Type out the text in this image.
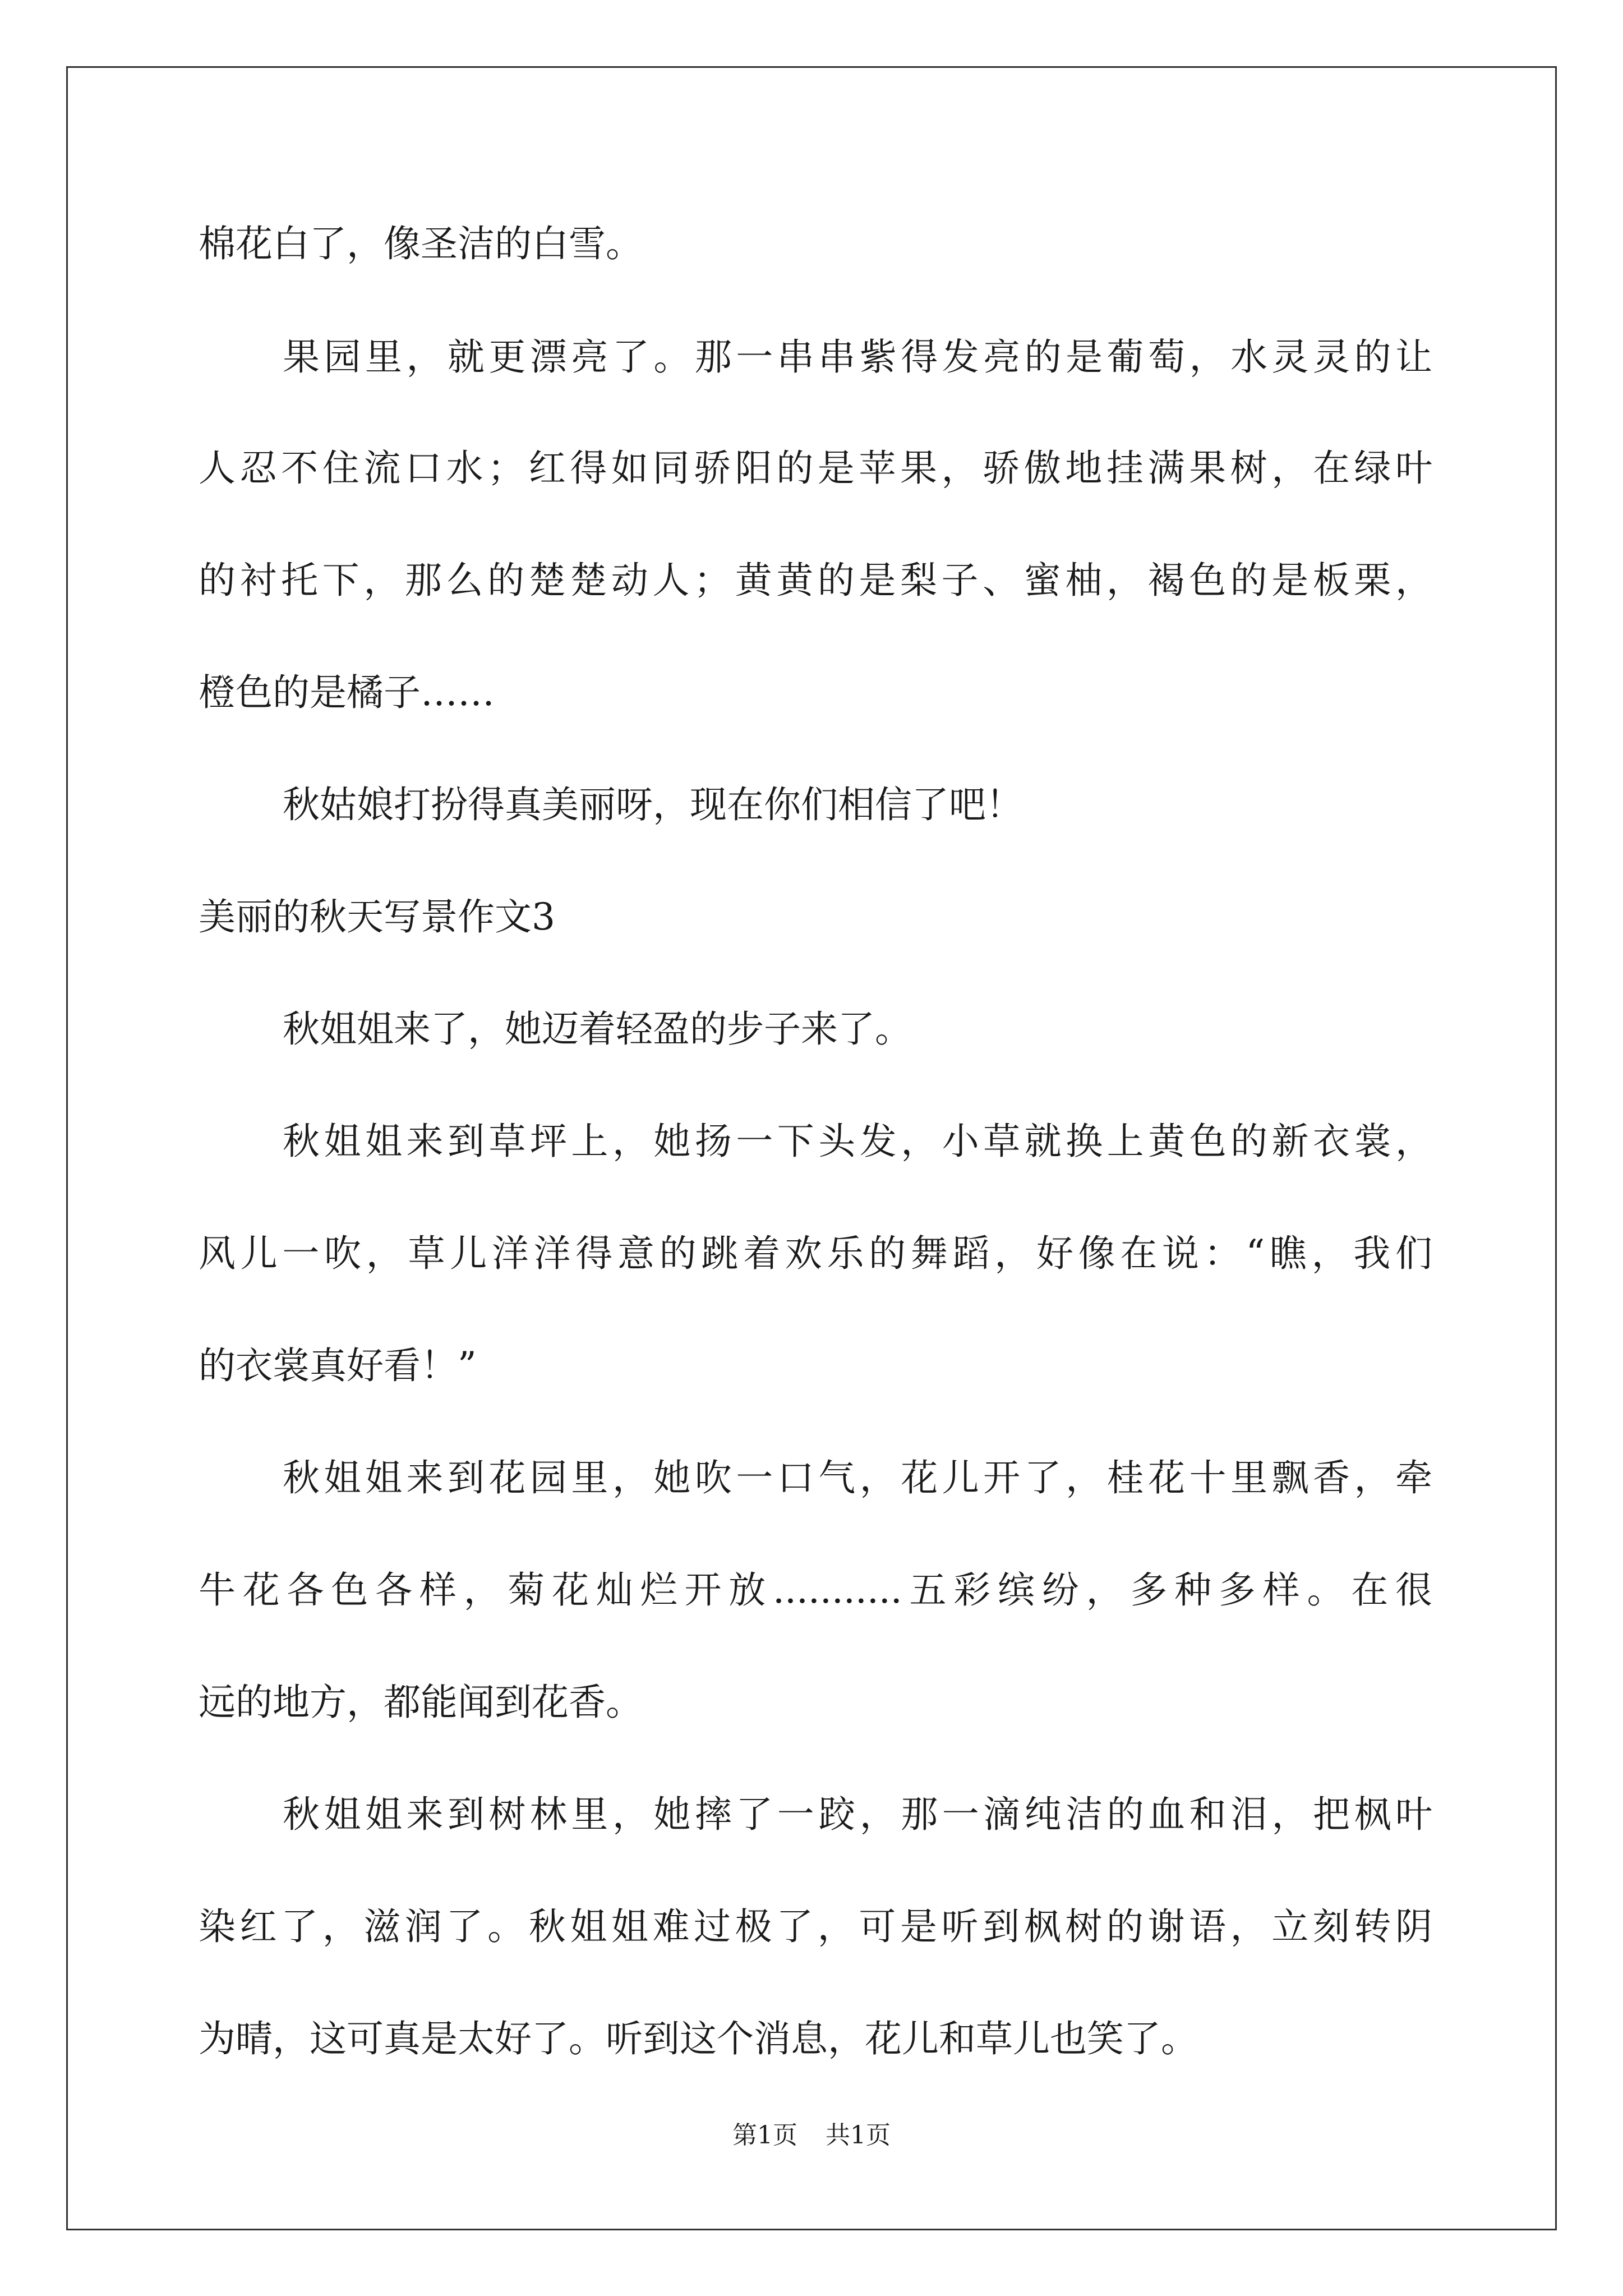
棉花白了，像圣洁的白雪。
果园里，就更漂亮了。那一串串紫得发亮的是葡萄，水灵灵的让
人忍不住流口水；红得如同骄阳的是苹果，骄傲地挂满果树，在绿叶
的衬托下，那么的楚楚动人；黄黄的是梨子、蜜柚，褐色的是板栗，
橙色的是橘子……
秋姑娘打扮得真美丽呀，现在你们相信了吧！
美丽的秋天写景作文3
秋姐姐来了，她迈着轻盈的步子来了。
秋姐姐来到草坪上，她扬一下头发，小草就换上黄色的新衣裳，
风儿一吹，草儿洋洋得意的跳着欢乐的舞蹈，好像在说：“瞧，我们
的衣裳真好看！”
秋姐姐来到花园里，她吹一口气，花儿开了，桂花十里飘香，牵
牛花各色各样，菊花灿烂开放...........五彩缤纷，多种多样。在很
远的地方，都能闻到花香。
秋姐姐来到树林里，她摔了一跤，那一滴纯洁的血和泪，把枫叶
染红了，滋润了。秋姐姐难过极了，可是听到枫树的谢语，立刻转阴
为晴，这可真是太好了。听到这个消息，花儿和草儿也笑了。
第1页 共1页
